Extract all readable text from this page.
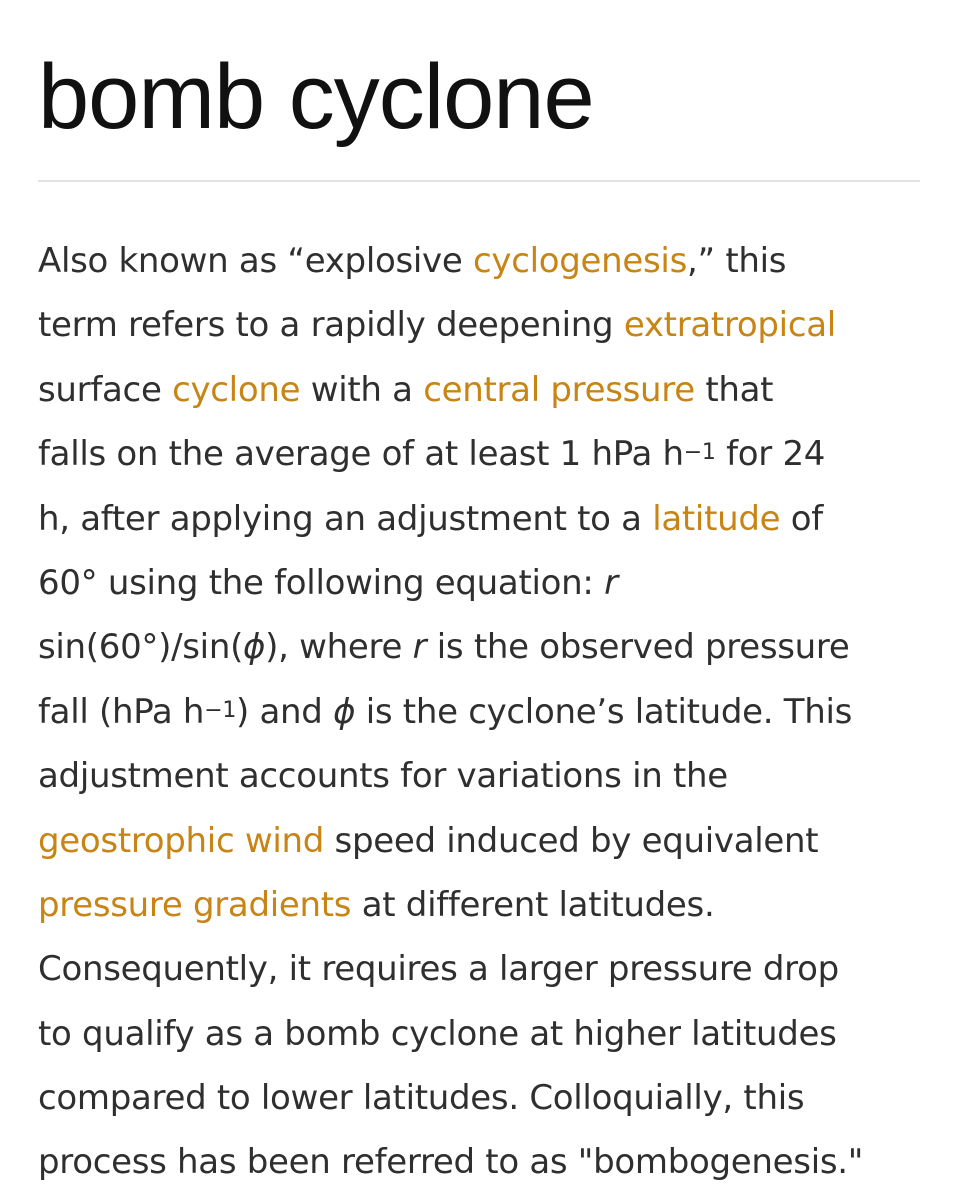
bomb cyclone
Also known as “explosive cyclogenesis,” this
term refers to a rapidly deepening extratropical
surface cyclone with a central pressure that
falls on the average of at least 1 hPa $h^{-1}$ for 24
h, after applying an adjustment to a latitude of
60° using the following equation: r
sin(60°)/sin(ϕ), where r is the observed pressure
fall (hPa $h^{-1}$) and ϕ is the cyclone’s latitude. This
adjustment accounts for variations in the
geostrophic wind speed induced by equivalent
pressure gradients at different latitudes.
Consequently, it requires a larger pressure drop
to qualify as a bomb cyclone at higher latitudes
compared to lower latitudes. Colloquially, this
process has been referred to as "bombogenesis."
